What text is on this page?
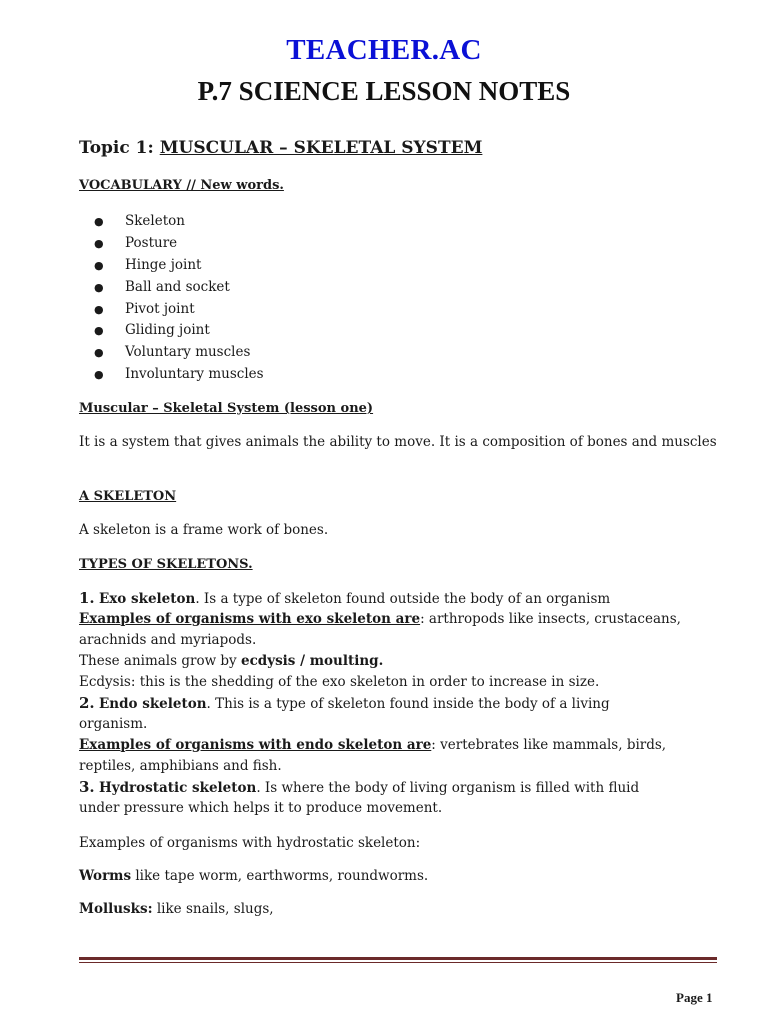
TEACHER.AC
P.7 SCIENCE LESSON NOTES
Topic 1: MUSCULAR – SKELETAL SYSTEM
VOCABULARY // New words.
● Skeleton
● Posture
● Hinge joint
● Ball and socket
● Pivot joint
● Gliding joint
● Voluntary muscles
● Involuntary muscles
Muscular – Skeletal System (lesson one)

It is a system that gives animals the ability to move. It is a composition of bones and muscles

A SKELETON

A skeleton is a frame work of bones.

TYPES OF SKELETONS.
1. Exo skeleton. Is a type of skeleton found outside the body of an organism
Examples of organisms with exo skeleton are: arthropods like insects, crustaceans,
arachnids and myriapods.
These animals grow by ecdysis / moulting.
Ecdysis: this is the shedding of the exo skeleton in order to increase in size.
2. Endo skeleton. This is a type of skeleton found inside the body of a living
organism.
Examples of organisms with endo skeleton are: vertebrates like mammals, birds,
reptiles, amphibians and fish.
3. Hydrostatic skeleton. Is where the body of living organism is filled with fluid
under pressure which helps it to produce movement.

Examples of organisms with hydrostatic skeleton:

Worms like tape worm, earthworms, roundworms.

Mollusks: like snails, slugs,

Page 1
